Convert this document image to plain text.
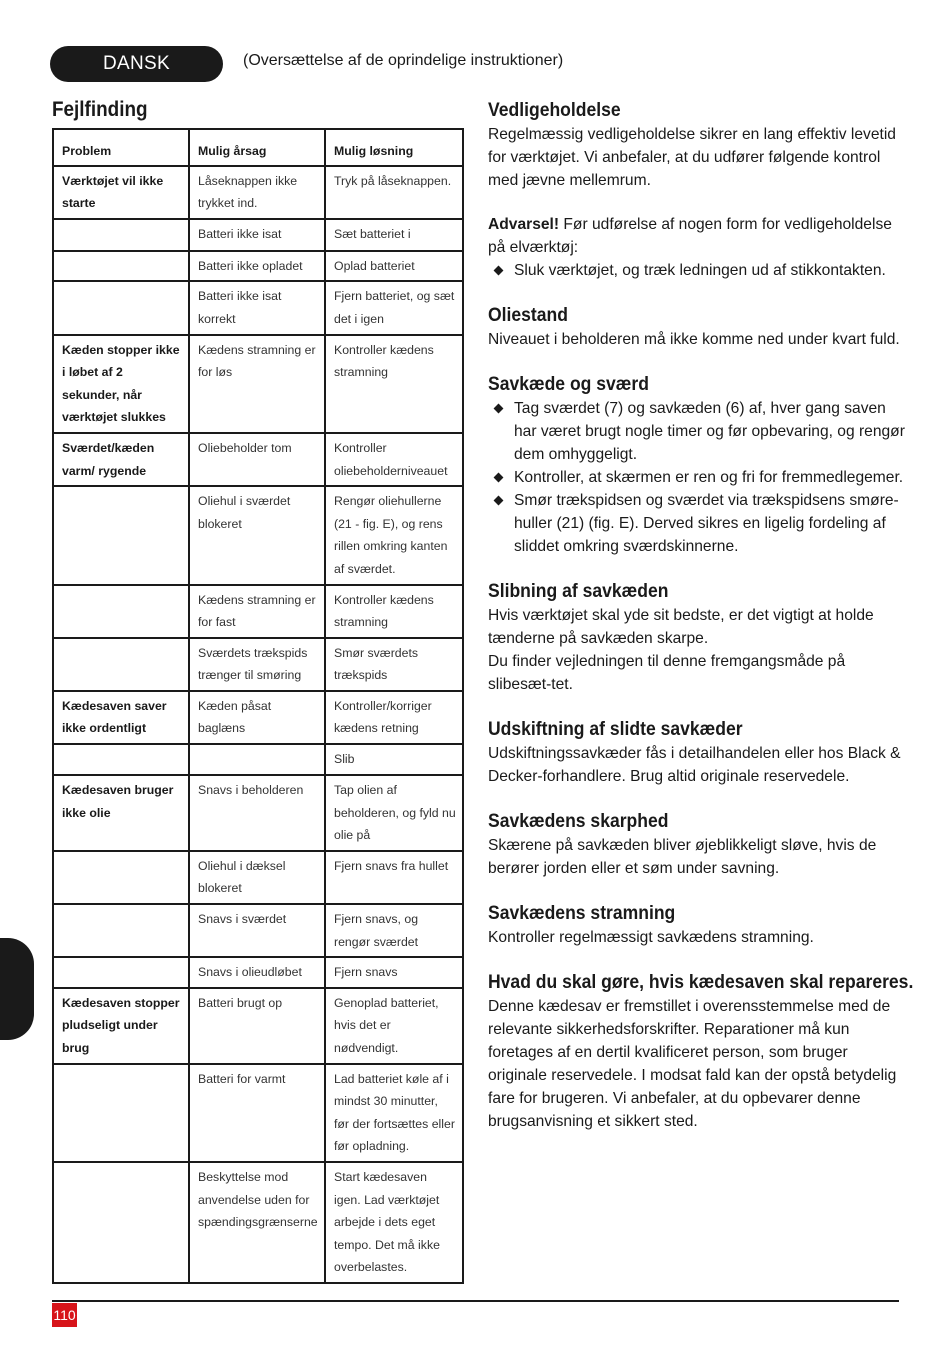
DANSK	(Oversættelse af de oprindelige instruktioner)
Fejlfinding
Problem	Mulig årsag	Mulig løsning
Værktøjet vil ikke starte	Låseknappen ikke trykket ind.	Tryk på låseknappen.
	Batteri ikke isat	Sæt batteriet i
	Batteri ikke opladet	Oplad batteriet
	Batteri ikke isat korrekt	Fjern batteriet, og sæt det i igen
Kæden stopper ikke i løbet af 2 sekunder, når værktøjet slukkes	Kædens stramning er for løs	Kontroller kædens stramning
Sværdet/kæden varm/ rygende	Oliebeholder tom	Kontroller oliebeholderniveauet
	Oliehul i sværdet blokeret	Rengør oliehullerne (21 - fig. E), og rens rillen omkring kanten af sværdet.
	Kædens stramning er for fast	Kontroller kædens stramning
	Sværdets trækspids trænger til smøring	Smør sværdets trækspids
Kædesaven saver ikke ordentligt	Kæden påsat baglæns	Kontroller/korriger kædens retning
		Slib
Kædesaven bruger ikke olie	Snavs i beholderen	Tap olien af beholderen, og fyld nu olie på
	Oliehul i dæksel blokeret	Fjern snavs fra hullet
	Snavs i sværdet	Fjern snavs, og rengør sværdet
	Snavs i olieudløbet	Fjern snavs
Kædesaven stopper pludseligt under brug	Batteri brugt op	Genoplad batteriet, hvis det er nødvendigt.
	Batteri for varmt	Lad batteriet køle af i mindst 30 minutter, før der fortsættes eller før opladning.
	Beskyttelse mod anvendelse uden for spændingsgrænserne	Start kædesaven igen. Lad værktøjet arbejde i dets eget tempo. Det må ikke overbelastes.
Vedligeholdelse

Regelmæssig vedligeholdelse sikrer en lang effektiv levetid for værktøjet. Vi anbefaler, at du udfører følgende kontrol med jævne mellemrum.

Advarsel! Før udførelse af nogen form for vedligeholdelse på elværktøj:

Sluk værktøjet, og træk ledningen ud af stikkontakten.
Oliestand

Niveauet i beholderen må ikke komme ned under kvart fuld.

Savkæde og sværd
Tag sværdet (7) og savkæden (6) af, hver gang saven har været brugt nogle timer og før opbevaring, og rengør dem omhyggeligt.
Kontroller, at skærmen er ren og fri for fremmedlegemer.
Smør trækspidsen og sværdet via trækspidsens smøre-huller (21) (fig. E). Derved sikres en ligelig fordeling af sliddet omkring sværdskinnerne.
Slibning af savkæden

Hvis værktøjet skal yde sit bedste, er det vigtigt at holde tænderne på savkæden skarpe.

Du finder vejledningen til denne fremgangsmåde på slibesæt-tet.

Udskiftning af slidte savkæder

Udskiftningssavkæder fås i detailhandelen eller hos Black & Decker-forhandlere. Brug altid originale reservedele.

Savkædens skarphed

Skærene på savkæden bliver øjeblikkeligt sløve, hvis de berører jorden eller et søm under savning.

Savkædens stramning

Kontroller regelmæssigt savkædens stramning.

Hvad du skal gøre, hvis kædesaven skal repareres.

Denne kædesav er fremstillet i overensstemmelse med de relevante sikkerhedsforskrifter. Reparationer må kun foretages af en dertil kvalificeret person, som bruger originale reservedele. I modsat fald kan der opstå betydelig fare for brugeren. Vi anbefaler, at du opbevarer denne brugsanvisning et sikkert sted.

110
